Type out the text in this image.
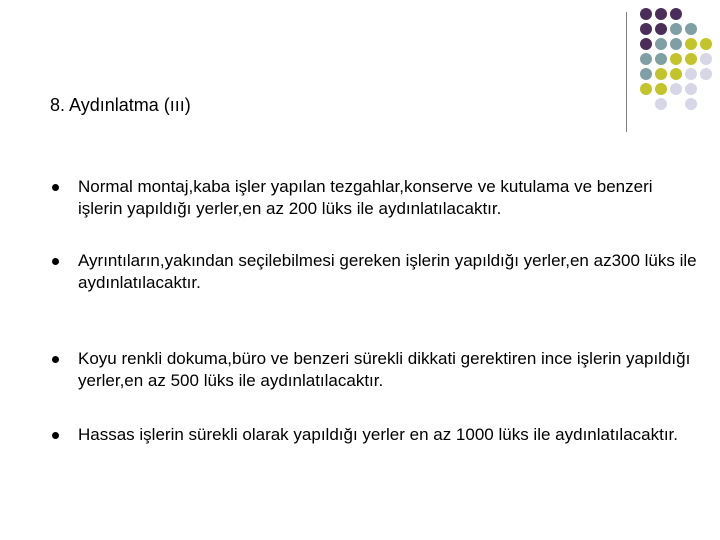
8. Aydınlatma (ııı)
Normal montaj,kaba işler yapılan tezgahlar,konserve ve kutulama ve benzeri işlerin yapıldığı yerler,en az 200 lüks ile aydınlatılacaktır.
Ayrıntıların,yakından seçilebilmesi gereken işlerin yapıldığı yerler,en az300 lüks ile aydınlatılacaktır.
Koyu renkli dokuma,büro ve benzeri sürekli dikkati gerektiren ince işlerin yapıldığı yerler,en az 500 lüks ile aydınlatılacaktır.
Hassas işlerin sürekli olarak yapıldığı yerler en az 1000 lüks ile aydınlatılacaktır.
